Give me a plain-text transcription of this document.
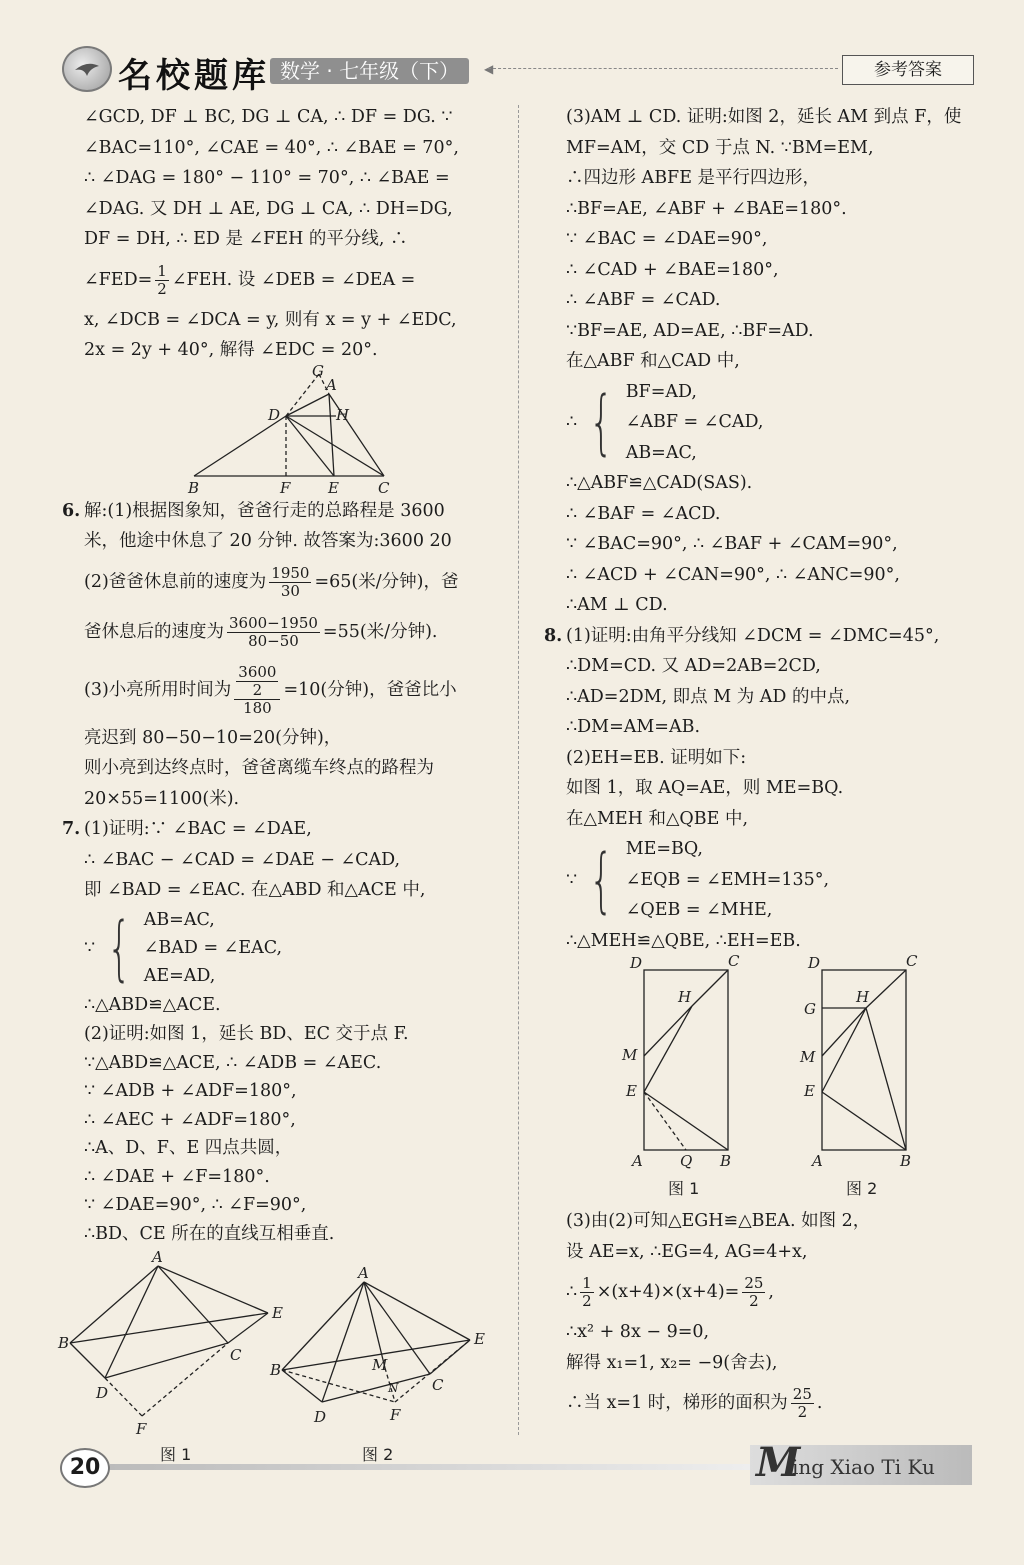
名校题库 数学 · 七年级（下）	◀	参考答案
∠GCD, DF ⊥ BC, DG ⊥ CA, ∴ DF = DG. ∵
∠BAC=110°, ∠CAE = 40°, ∴ ∠BAE = 70°,
∴ ∠DAG = 180° − 110° = 70°, ∴ ∠BAE =
∠DAG. 又 DH ⊥ AE, DG ⊥ CA, ∴ DH=DG,
DF = DH, ∴ ED 是 ∠FEH 的平分线, ∴
∠FED= $\frac{1}{2}$ ∠FEH. 设 ∠DEB = ∠DEA =
x, ∠DCB = ∠DCA = y, 则有 x = y + ∠EDC,
2x = 2y + 40°, 解得 ∠EDC = 20°.
G
A
D	H
B	F	E	C
6. 解:(1)根据图象知，爸爸行走的总路程是 3600
米，他途中休息了 20 分钟. 故答案为:3600 20
(2)爸爸休息前的速度为 $\frac{1950}{30} =65$(米/分钟)，爸
爸休息后的速度为 $\frac{3600-1950}{80-50} =55$(米/分钟).
(3)小亮所用时间为 $\frac{\frac{3600}{2}}{180} =10$(分钟)，爸爸比小
亮迟到 80−50−10=20(分钟)，
则小亮到达终点时，爸爸离缆车终点的路程为
20×55=1100(米).
7. (1)证明:∵ ∠BAC = ∠DAE,
∴ ∠BAC − ∠CAD = ∠DAE − ∠CAD,
即 ∠BAD = ∠EAC. 在△ABD 和△ACE 中,
∵ { AB=AC,
∠BAD = ∠EAC,
AE=AD,
∴△ABD≌△ACE.
(2)证明:如图 1，延长 BD、EC 交于点 F.
∵△ABD≌△ACE, ∴ ∠ADB = ∠AEC.
∵ ∠ADB + ∠ADF=180°,
∴ ∠AEC + ∠ADF=180°,
∴A、D、F、E 四点共圆，
∴ ∠DAE + ∠F=180°.
∵ ∠DAE=90°, ∴ ∠F=90°,
∴BD、CE 所在的直线互相垂直.
A
B
E
C
D
F
图 1
A
B
E
M
N C
D	F
图 2
(3)AM ⊥ CD. 证明:如图 2，延长 AM 到点 F，使
MF=AM，交 CD 于点 N. ∵BM=EM,
∴四边形 ABFE 是平行四边形，
∴BF=AE, ∠ABF + ∠BAE=180°.
∵ ∠BAC = ∠DAE=90°,
∴ ∠CAD + ∠BAE=180°,
∴ ∠ABF = ∠CAD.
∵BF=AE, AD=AE, ∴BF=AD.
在△ABF 和△CAD 中,
∴ { BF=AD,
∠ABF = ∠CAD,
AB=AC,
∴△ABF≌△CAD(SAS).
∴ ∠BAF = ∠ACD.
∵ ∠BAC=90°, ∴ ∠BAF + ∠CAM=90°,
∴ ∠ACD + ∠CAN=90°, ∴ ∠ANC=90°,
∴AM ⊥ CD.
8. (1)证明:由角平分线知 ∠DCM = ∠DMC=45°,
∴DM=CD. 又 AD=2AB=2CD,
∴AD=2DM, 即点 M 为 AD 的中点,
∴DM=AM=AB.
(2)EH=EB. 证明如下:
如图 1，取 AQ=AE，则 ME=BQ.
在△MEH 和△QBE 中,
∵ { ME=BQ,
∠EQB = ∠EMH=135°,
∠QEB = ∠MHE,
∴△MEH≌△QBE, ∴EH=EB.
D	C
H
M
E
A Q B
图 1
D	C
G
H
M
E
A	B
图 2
(3)由(2)可知△EGH≌△BEA. 如图 2，
设 AE=x, ∴EG=4, AG=4+x,
∴ $\frac{1}{2} \times(x+4)\times(x+4)= \frac{25}{2}$ ,
∴x² + 8x − 9=0,
解得 x₁=1, x₂= −9(舍去),
∴当 x=1 时，梯形的面积为 $\frac{25}{2}$ .
20	M
ing Xiao Ti Ku
